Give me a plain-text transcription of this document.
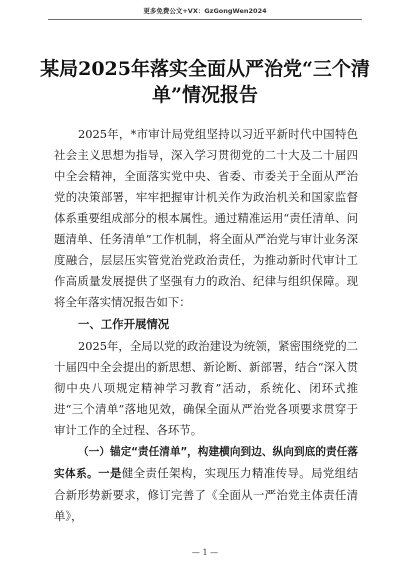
更多免费公文+VX：GzGongWen2024
某局2025年落实全面从严治党“三个清
单”情况报告

2025年，*市审计局党组坚持以习近平新时代中国特色社会主义思想为指导，深入学习贯彻党的二十大及二十届四中全会精神，全面落实党中央、省委、市委关于全面从严治党的决策部署，牢牢把握审计机关作为政治机关和国家监督体系重要组成部分的根本属性。通过精准运用“责任清单、问题清单、任务清单”工作机制，将全面从严治党与审计业务深度融合，层层压实管党治党政治责任，为推动新时代审计工作高质量发展提供了坚强有力的政治、纪律与组织保障。现将全年落实情况报告如下：

一、工作开展情况

2025年，全局以党的政治建设为统领，紧密围绕党的二十届四中全会提出的新思想、新论断、新部署，结合“深入贯彻中央八项规定精神学习教育”活动，系统化、闭环式推进“三个清单”落地见效，确保全面从严治党各项要求贯穿于审计工作的全过程、各环节。

（一）锚定“责任清单”，构建横向到边、纵向到底的责任落实体系。一是健全责任架构，实现压力精准传导。局党组结合新形势新要求，修订完善了《全面从一严治党主体责任清单》，

— 1 —
